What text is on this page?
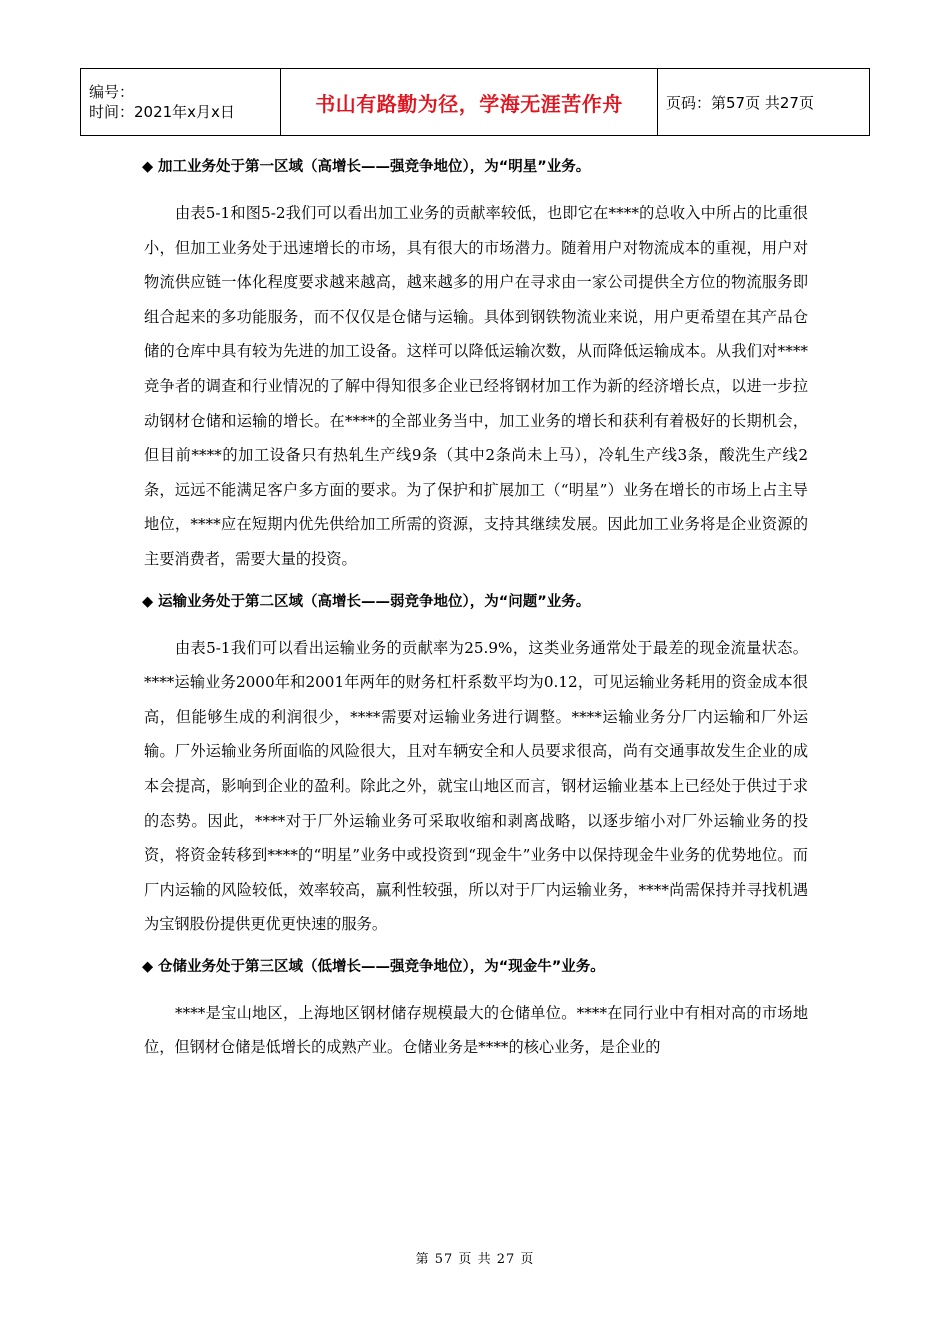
编号：
时间：2021年x月x日	书山有路勤为径，学海无涯苦作舟	页码：第57页 共27页
◆ 加工业务处于第一区域（高增长——强竞争地位），为“明星”业务。

由表5-1和图5-2我们可以看出加工业务的贡献率较低，也即它在****的总收入中所占的比重很小，但加工业务处于迅速增长的市场，具有很大的市场潜力。随着用户对物流成本的重视，用户对物流供应链一体化程度要求越来越高，越来越多的用户在寻求由一家公司提供全方位的物流服务即组合起来的多功能服务，而不仅仅是仓储与运输。具体到钢铁物流业来说，用户更希望在其产品仓储的仓库中具有较为先进的加工设备。这样可以降低运输次数，从而降低运输成本。从我们对****竞争者的调查和行业情况的了解中得知很多企业已经将钢材加工作为新的经济增长点，以进一步拉动钢材仓储和运输的增长。在****的全部业务当中，加工业务的增长和获利有着极好的长期机会，但目前****的加工设备只有热轧生产线9条（其中2条尚未上马），冷轧生产线3条，酸洗生产线2条，远远不能满足客户多方面的要求。为了保护和扩展加工（“明星”）业务在增长的市场上占主导地位，****应在短期内优先供给加工所需的资源，支持其继续发展。因此加工业务将是企业资源的主要消费者，需要大量的投资。

◆ 运输业务处于第二区域（高增长——弱竞争地位），为“问题”业务。

由表5-1我们可以看出运输业务的贡献率为25.9%，这类业务通常处于最差的现金流量状态。****运输业务2000年和2001年两年的财务杠杆系数平均为0.12，可见运输业务耗用的资金成本很高，但能够生成的利润很少，****需要对运输业务进行调整。****运输业务分厂内运输和厂外运输。厂外运输业务所面临的风险很大，且对车辆安全和人员要求很高，尚有交通事故发生企业的成本会提高，影响到企业的盈利。除此之外，就宝山地区而言，钢材运输业基本上已经处于供过于求的态势。因此，****对于厂外运输业务可采取收缩和剥离战略，以逐步缩小对厂外运输业务的投资，将资金转移到****的“明星”业务中或投资到“现金牛”业务中以保持现金牛业务的优势地位。而厂内运输的风险较低，效率较高，赢利性较强，所以对于厂内运输业务，****尚需保持并寻找机遇为宝钢股份提供更优更快速的服务。

◆ 仓储业务处于第三区域（低增长——强竞争地位），为“现金牛”业务。

****是宝山地区，上海地区钢材储存规模最大的仓储单位。****在同行业中有相对高的市场地位，但钢材仓储是低增长的成熟产业。仓储业务是****的核心业务，是企业的

第 57 页 共 27 页
